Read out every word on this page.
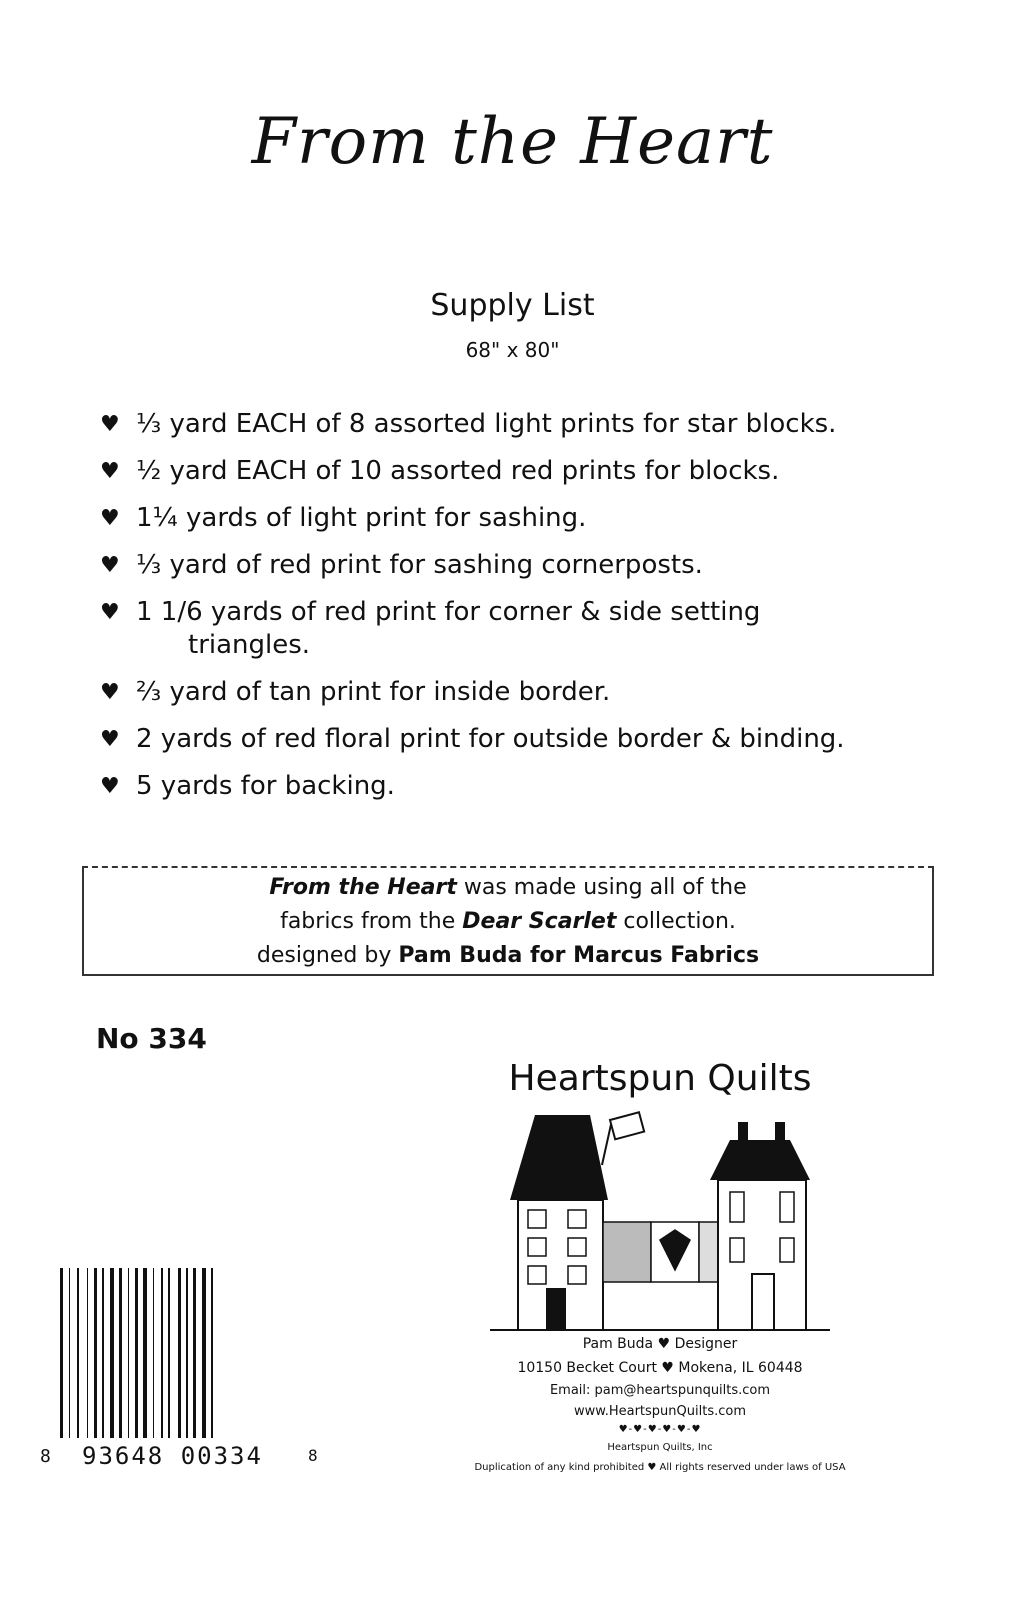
From the Heart
Supply List
68" x 80"
♥ ⅓ yard EACH of 8 assorted light prints for star blocks.
♥ ½ yard EACH of 10 assorted red prints for blocks.
♥ 1¼ yards of light print for sashing.
♥ ⅓ yard of red print for sashing cornerposts.
♥ 1 1/6 yards of red print for corner & side setting
triangles.
♥ ⅔ yard of tan print for inside border.
♥ 2 yards of red floral print for outside border & binding.
♥ 5 yards for backing.
From the Heart was made using all of the
fabrics from the Dear Scarlet collection.
designed by Pam Buda for Marcus Fabrics
No 334
Heartspun Quilts
Pam Buda ♥ Designer
10150 Becket Court ♥ Mokena, IL 60448
Email: pam@heartspunquilts.com
www.HeartspunQuilts.com
♥-♥-♥-♥-♥-♥
Heartspun Quilts, Inc
Duplication of any kind prohibited ♥ All rights reserved under laws of USA
8 93648 00334	8
